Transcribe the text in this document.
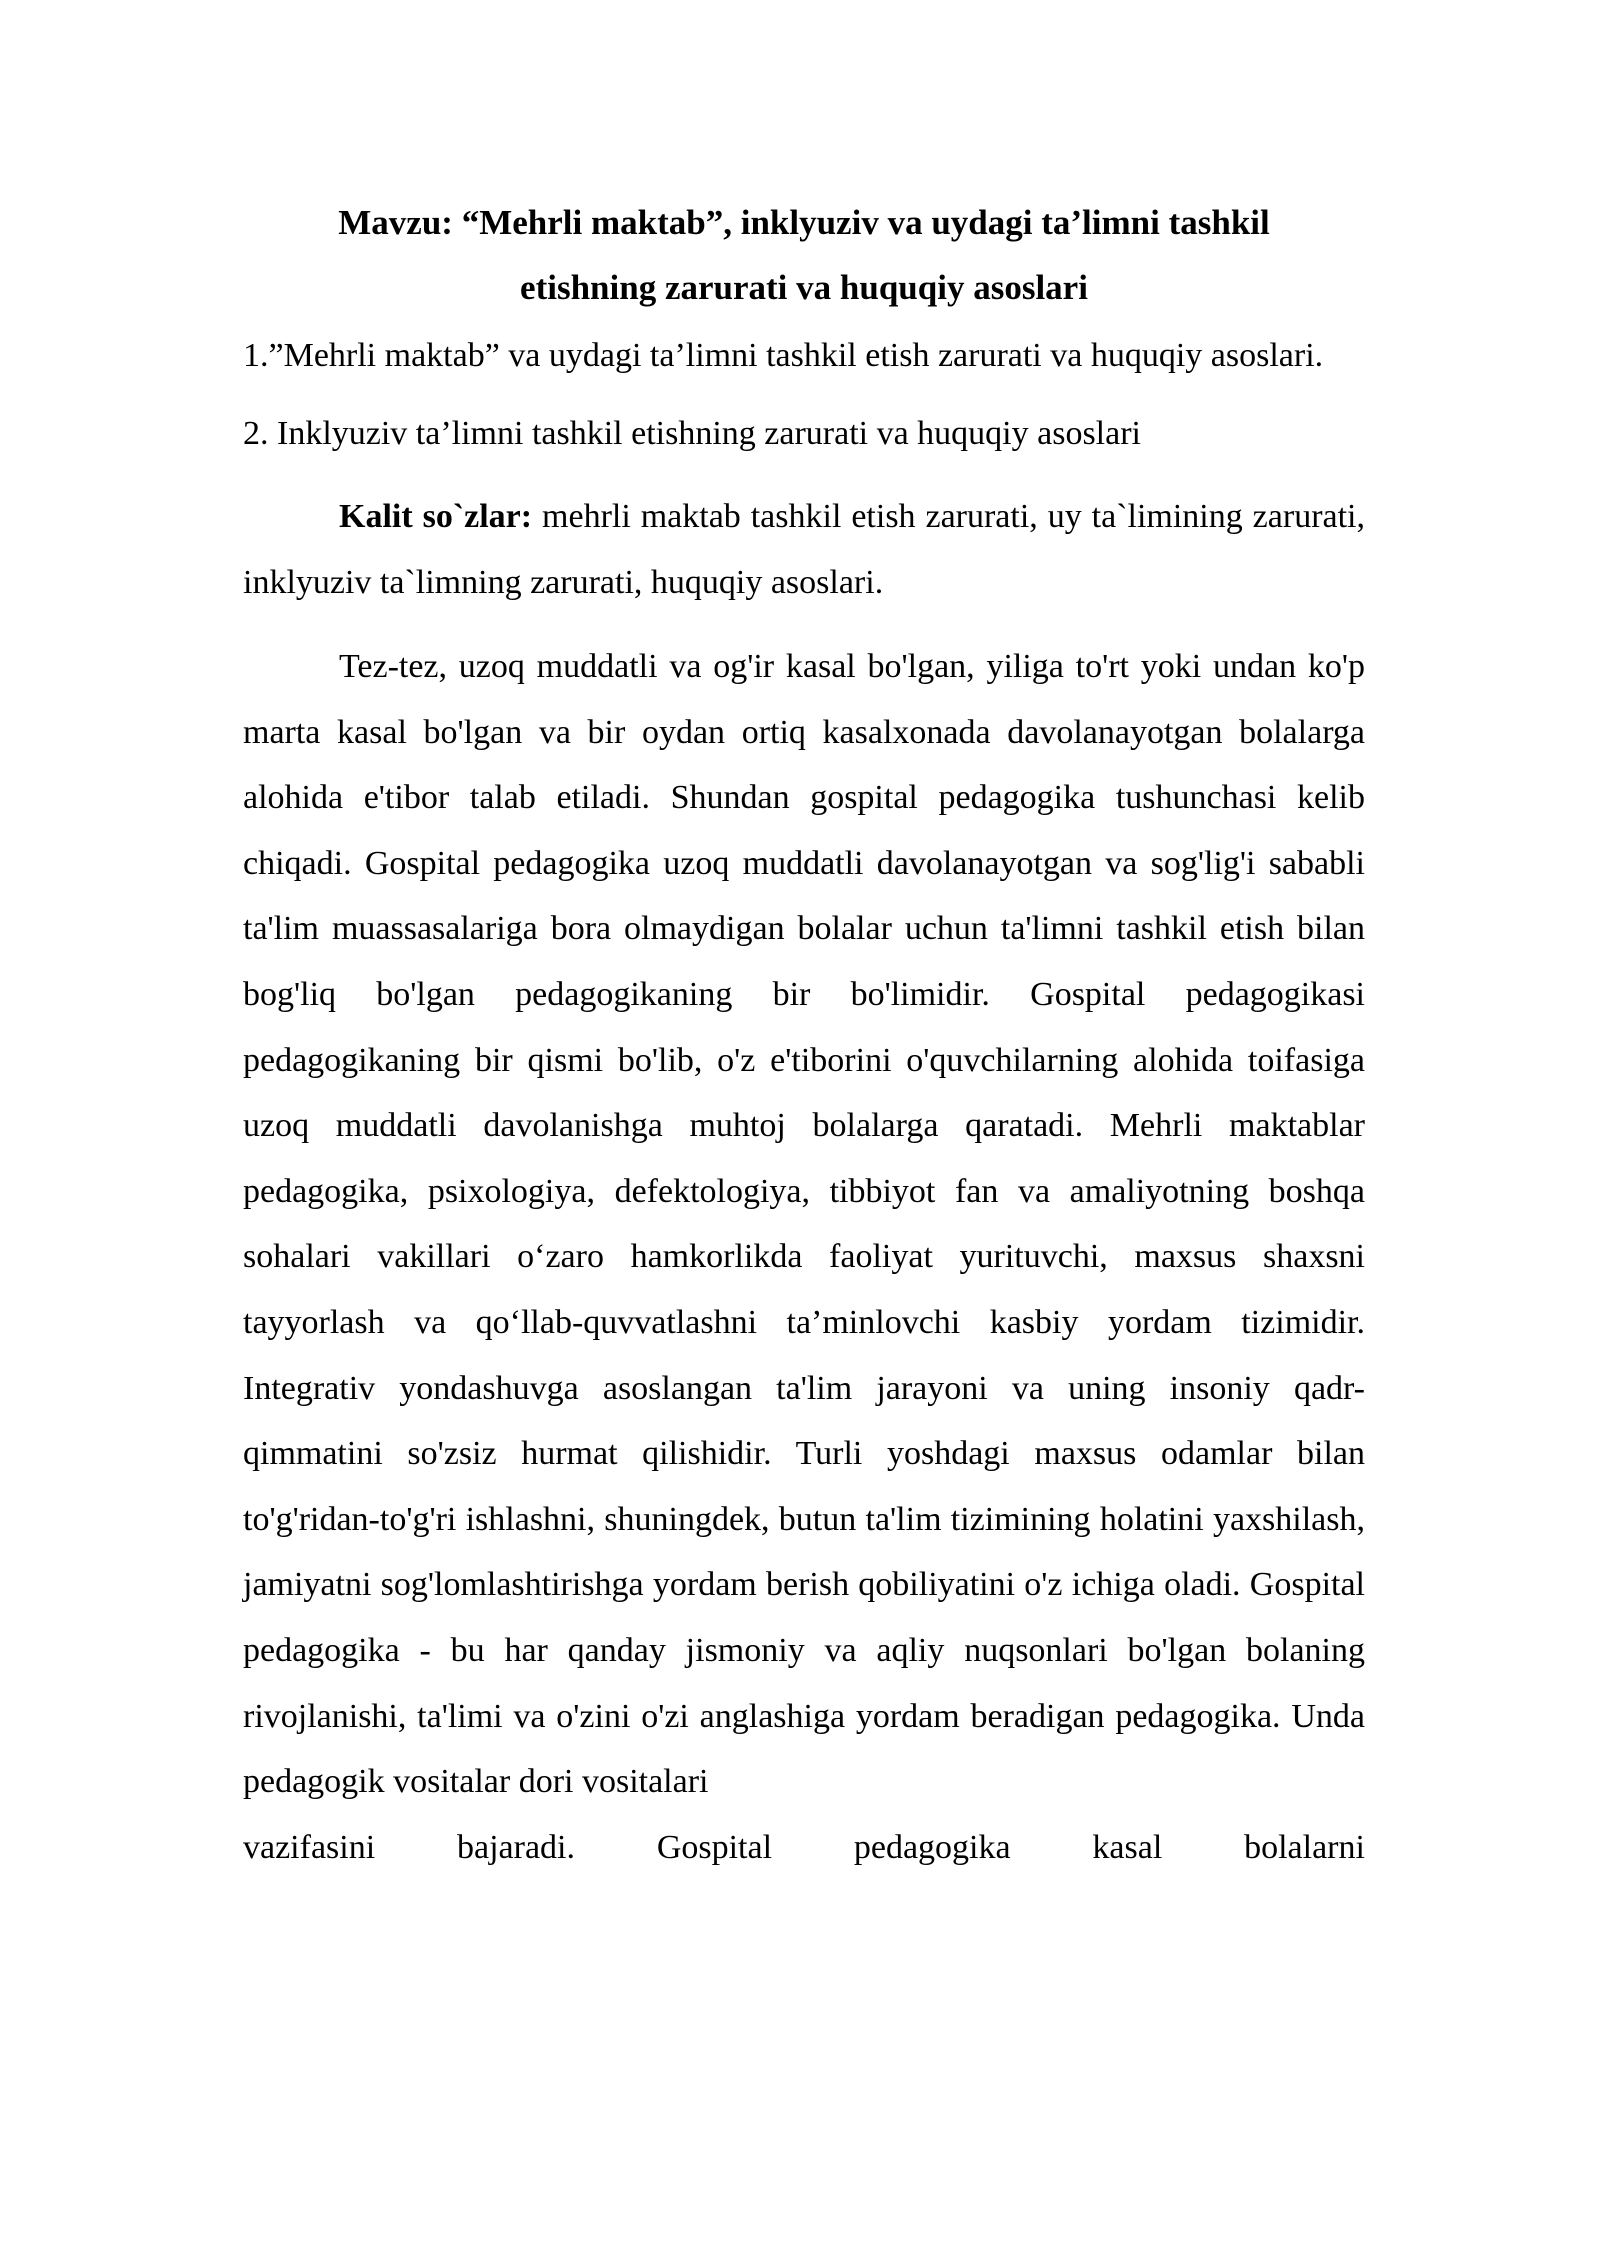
Mavzu: “Mehrli maktab”, inklyuziv va uydagi ta’limni tashkil
etishning zarurati va huquqiy asoslari

1.”Mehrli maktab” va uydagi ta’limni tashkil etish zarurati va huquqiy asoslari.

2. Inklyuziv ta’limni tashkil etishning zarurati va huquqiy asoslari

Kalit so`zlar: mehrli maktab tashkil etish zarurati, uy ta`limining zarurati, inklyuziv ta`limning zarurati, huquqiy asoslari.

Tez-tez, uzoq muddatli va og'ir kasal bo'lgan, yiliga to'rt yoki undan ko'p marta kasal bo'lgan va bir oydan ortiq kasalxonada davolanayotgan bolalarga alohida e'tibor talab etiladi. Shundan gospital pedagogika tushunchasi kelib chiqadi. Gospital pedagogika uzoq muddatli davolanayotgan va sog'lig'i sababli ta'lim muassasalariga bora olmaydigan bolalar uchun ta'limni tashkil etish bilan bog'liq bo'lgan pedagogikaning bir bo'limidir. Gospital pedagogikasi pedagogikaning bir qismi bo'lib, o'z e'tiborini o'quvchilarning alohida toifasiga uzoq muddatli davolanishga muhtoj bolalarga qaratadi. Mehrli maktablar pedagogika, psixologiya, defektologiya, tibbiyot fan va amaliyotning boshqa sohalari vakillari o‘zaro hamkorlikda faoliyat yurituvchi, maxsus shaxsni tayyorlash va qo‘llab-quvvatlashni ta’minlovchi kasbiy yordam tizimidir. Integrativ yondashuvga asoslangan ta'lim jarayoni va uning insoniy qadr-qimmatini so'zsiz hurmat qilishidir. Turli yoshdagi maxsus odamlar bilan to'g'ridan-to'g'ri ishlashni, shuningdek, butun ta'lim tizimining holatini yaxshilash, jamiyatni sog'lomlashtirishga yordam berish qobiliyatini o'z ichiga oladi. Gospital pedagogika - bu har qanday jismoniy va aqliy nuqsonlari bo'lgan bolaning rivojlanishi, ta'limi va o'zini o'zi anglashiga yordam beradigan pedagogika. Unda pedagogik vositalar dori vositalari

vazifasini bajaradi. Gospital pedagogika kasal bolalarni
